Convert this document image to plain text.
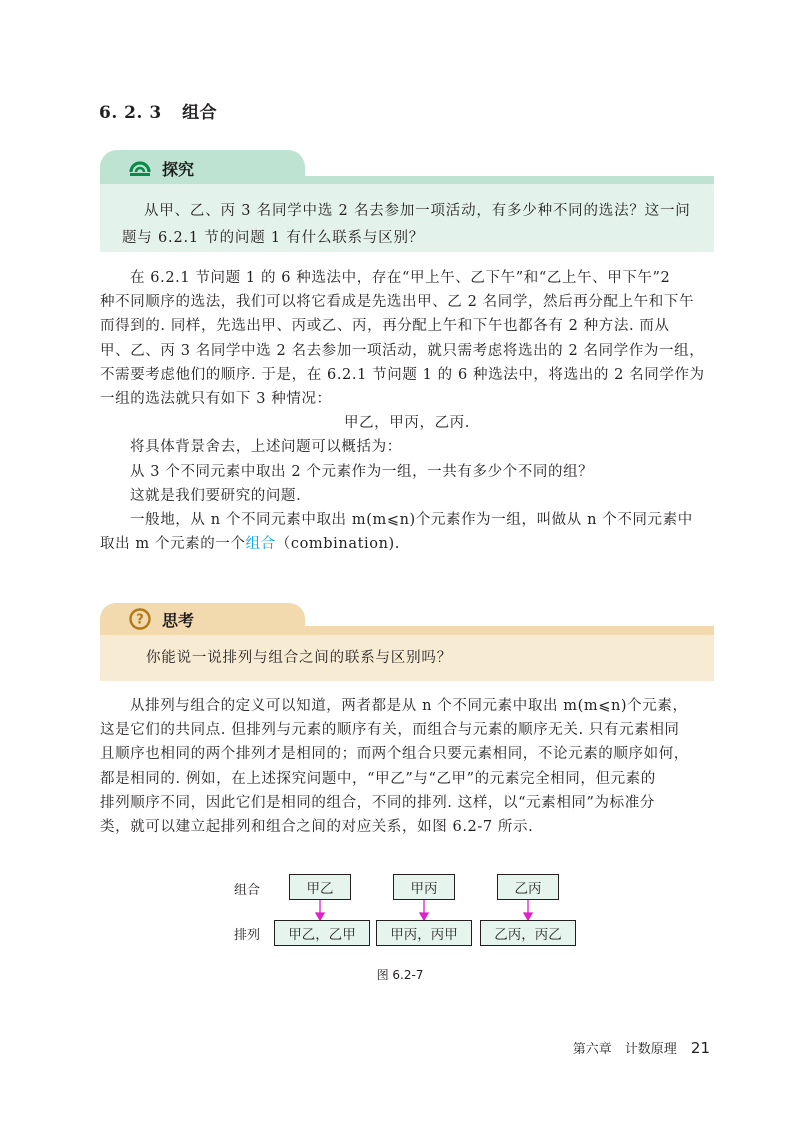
6. 2. 3 组合
探究
从甲、乙、丙 3 名同学中选 2 名去参加一项活动，有多少种不同的选法？这一问
题与 6.2.1 节的问题 1 有什么联系与区别？

在 6.2.1 节问题 1 的 6 种选法中，存在“甲上午、乙下午”和“乙上午、甲下午”2

种不同顺序的选法，我们可以将它看成是先选出甲、乙 2 名同学，然后再分配上午和下午

而得到的. 同样，先选出甲、丙或乙、丙，再分配上午和下午也都各有 2 种方法. 而从

甲、乙、丙 3 名同学中选 2 名去参加一项活动，就只需考虑将选出的 2 名同学作为一组，

不需要考虑他们的顺序. 于是，在 6.2.1 节问题 1 的 6 种选法中，将选出的 2 名同学作为

一组的选法就只有如下 3 种情况：

甲乙，甲丙，乙丙.

将具体背景舍去，上述问题可以概括为：

从 3 个不同元素中取出 2 个元素作为一组，一共有多少个不同的组？

这就是我们要研究的问题.

一般地，从 n 个不同元素中取出 m(m⩽n)个元素作为一组，叫做从 n 个不同元素中

取出 m 个元素的一个组合（combination).

? 思考
你能说一说排列与组合之间的联系与区别吗？

从排列与组合的定义可以知道，两者都是从 n 个不同元素中取出 m(m⩽n)个元素，

这是它们的共同点. 但排列与元素的顺序有关，而组合与元素的顺序无关. 只有元素相同

且顺序也相同的两个排列才是相同的；而两个组合只要元素相同，不论元素的顺序如何，

都是相同的. 例如，在上述探究问题中，“甲乙”与“乙甲”的元素完全相同，但元素的

排列顺序不同，因此它们是相同的组合，不同的排列. 这样，以“元素相同”为标准分

类，就可以建立起排列和组合之间的对应关系，如图 6.2-7 所示.

组合
排列
甲乙	甲丙	乙丙
甲乙，乙甲	甲丙，丙甲	乙丙，丙乙
图 6.2-7
第六章　计数原理 21
